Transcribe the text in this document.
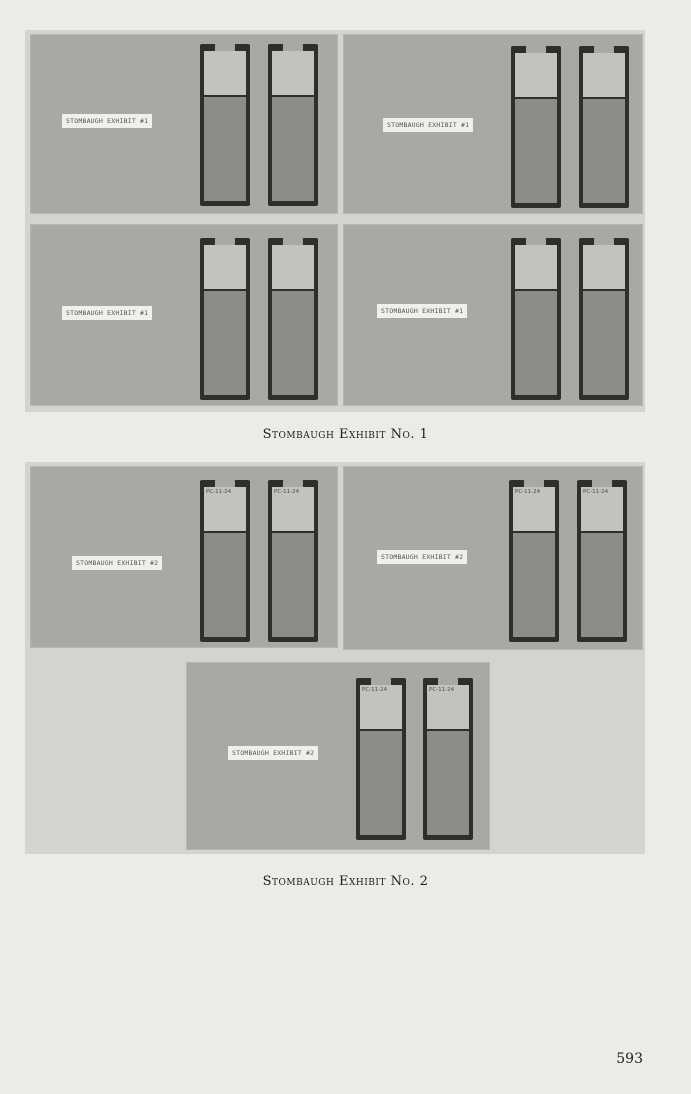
STOMBAUGH EXHIBIT #1	STOMBAUGH EXHIBIT #1
STOMBAUGH EXHIBIT #1	STOMBAUGH EXHIBIT #1
Stombaugh Exhibit No. 1
STOMBAUGH EXHIBIT #2
PC-11-24	PC-11-24
STOMBAUGH EXHIBIT #2
PC-11-24	PC-11-24
STOMBAUGH EXHIBIT #2
PC-11-24	PC-11-24
Stombaugh Exhibit No. 2
593
